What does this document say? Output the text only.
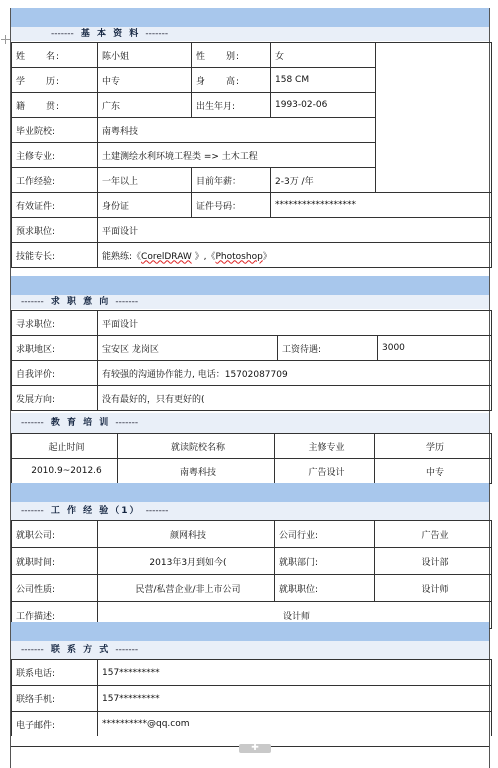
------- 基 本 资 料 -------
姓　　名:	陈小姐	性　　别:	女	
学　　历:	中专	身　　高:	158 CM	
籍　　贯:	广东	出生年月:	1993-02-06	
毕业院校:	南粤科技			
主修专业:	土建测绘水利环境工程类 => 土木工程			
工作经验:	一年以上	目前年薪：	2-3万 /年	
有效证件:	身份证	证件号码：	******************	
预求职位:	平面设计			
技能专长:	能熟练:《CorelDRAW 》,《Photoshop》			
------- 求 职 意 向 -------
寻求职位:	平面设计		
求职地区:	宝安区 龙岗区	工资待遇:	3000
自我评价:	有较强的沟通协作能力, 电话：15702087709		
发展方向:	没有最好的，只有更好的(		
------- 教 育 培 训 -------
起止时间	就读院校名称	主修专业	学历
2010.9~2012.6	南粤科技	广告设计	中专
------- 工 作 经 验（1） -------
就职公司:	颜网科技	公司行业:	广告业
就职时间:	2013年3月到如今(	就职部门:	设计部
公司性质:	民营/私营企业/非上市公司	就职职位:	设计师
工作描述:	设计师		
------- 联 系 方 式 -------
联系电话:	157*********
联络手机:	157*********
电子邮件:	**********@qq.com
✚
